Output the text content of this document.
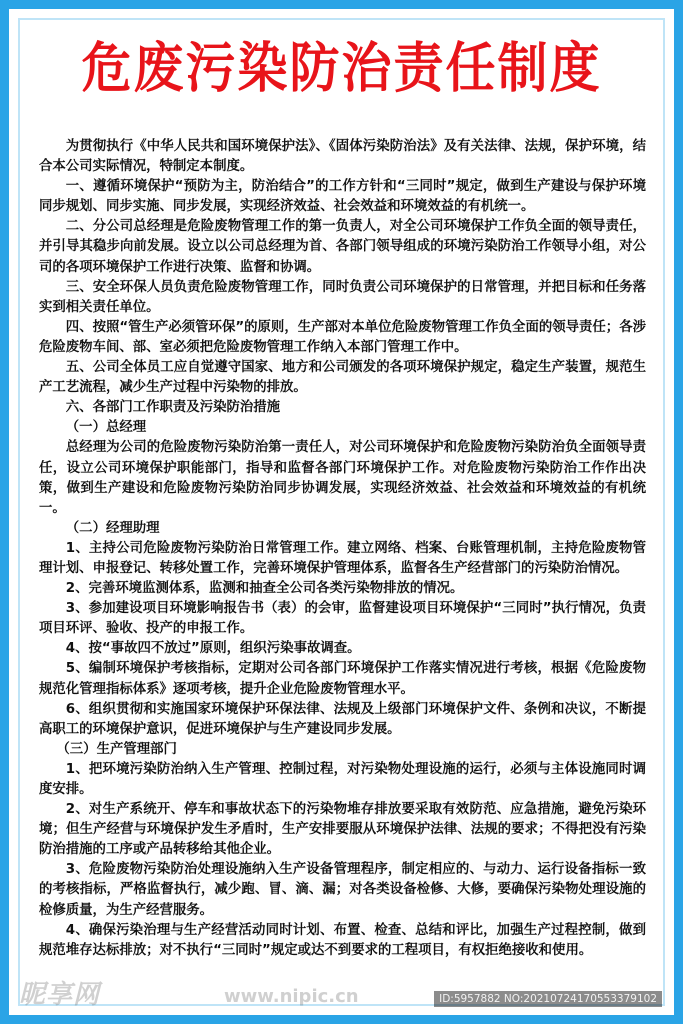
危废污染防治责任制度

为贯彻执行《中华人民共和国环境保护法》、《固体污染防治法》及有关法律、法规，保护环境，结合本公司实际情况，特制定本制度。

一、遵循环境保护“预防为主，防治结合”的工作方针和“三同时”规定，做到生产建设与保护环境同步规划、同步实施、同步发展，实现经济效益、社会效益和环境效益的有机统一。

二、分公司总经理是危险废物管理工作的第一负责人，对全公司环境保护工作负全面的领导责任，并引导其稳步向前发展。设立以公司总经理为首、各部门领导组成的环境污染防治工作领导小组，对公司的各项环境保护工作进行决策、监督和协调。

三、安全环保人员负责危险废物管理工作，同时负责公司环境保护的日常管理，并把目标和任务落实到相关责任单位。

四、按照“管生产必须管环保”的原则，生产部对本单位危险废物管理工作负全面的领导责任；各涉危险废物车间、部、室必须把危险废物管理工作纳入本部门管理工作中。

五、公司全体员工应自觉遵守国家、地方和公司颁发的各项环境保护规定，稳定生产装置，规范生产工艺流程，减少生产过程中污染物的排放。

六、各部门工作职责及污染防治措施

（一）总经理

总经理为公司的危险废物污染防治第一责任人，对公司环境保护和危险废物污染防治负全面领导责任，设立公司环境保护职能部门，指导和监督各部门环境保护工作。对危险废物污染防治工作作出决策，做到生产建设和危险废物污染防治同步协调发展，实现经济效益、社会效益和环境效益的有机统一。

（二）经理助理

1、主持公司危险废物污染防治日常管理工作。建立网络、档案、台账管理机制，主持危险废物管理计划、申报登记、转移处置工作，完善环境保护管理体系，监督各生产经营部门的污染防治情况。

2、完善环境监测体系，监测和抽查全公司各类污染物排放的情况。

3、参加建设项目环境影响报告书（表）的会审，监督建设项目环境保护“三同时”执行情况，负责项目环评、验收、投产的申报工作。

4、按“事故四不放过”原则，组织污染事故调查。

5、编制环境保护考核指标，定期对公司各部门环境保护工作落实情况进行考核，根据《危险废物规范化管理指标体系》逐项考核，提升企业危险废物管理水平。

6、组织贯彻和实施国家环境保护环保法律、法规及上级部门环境保护文件、条例和决议，不断提高职工的环境保护意识，促进环境保护与生产建设同步发展。

（三）生产管理部门

1、把环境污染防治纳入生产管理、控制过程，对污染物处理设施的运行，必须与主体设施同时调度安排。

2、对生产系统开、停车和事故状态下的污染物堆存排放要采取有效防范、应急措施，避免污染环境；但生产经营与环境保护发生矛盾时，生产安排要服从环境保护法律、法规的要求；不得把没有污染防治措施的工序或产品转移给其他企业。

3、危险废物污染防治处理设施纳入生产设备管理程序，制定相应的、与动力、运行设备指标一致的考核指标，严格监督执行，减少跑、冒、滴、漏；对各类设备检修、大修，要确保污染物处理设施的检修质量，为生产经营服务。

4、确保污染治理与生产经营活动同时计划、布置、检查、总结和评比，加强生产过程控制，做到规范堆存达标排放；对不执行“三同时”规定或达不到要求的工程项目，有权拒绝接收和使用。

昵享网	www.nipic.cn	ID:5957882 NO:20210724170553379102
